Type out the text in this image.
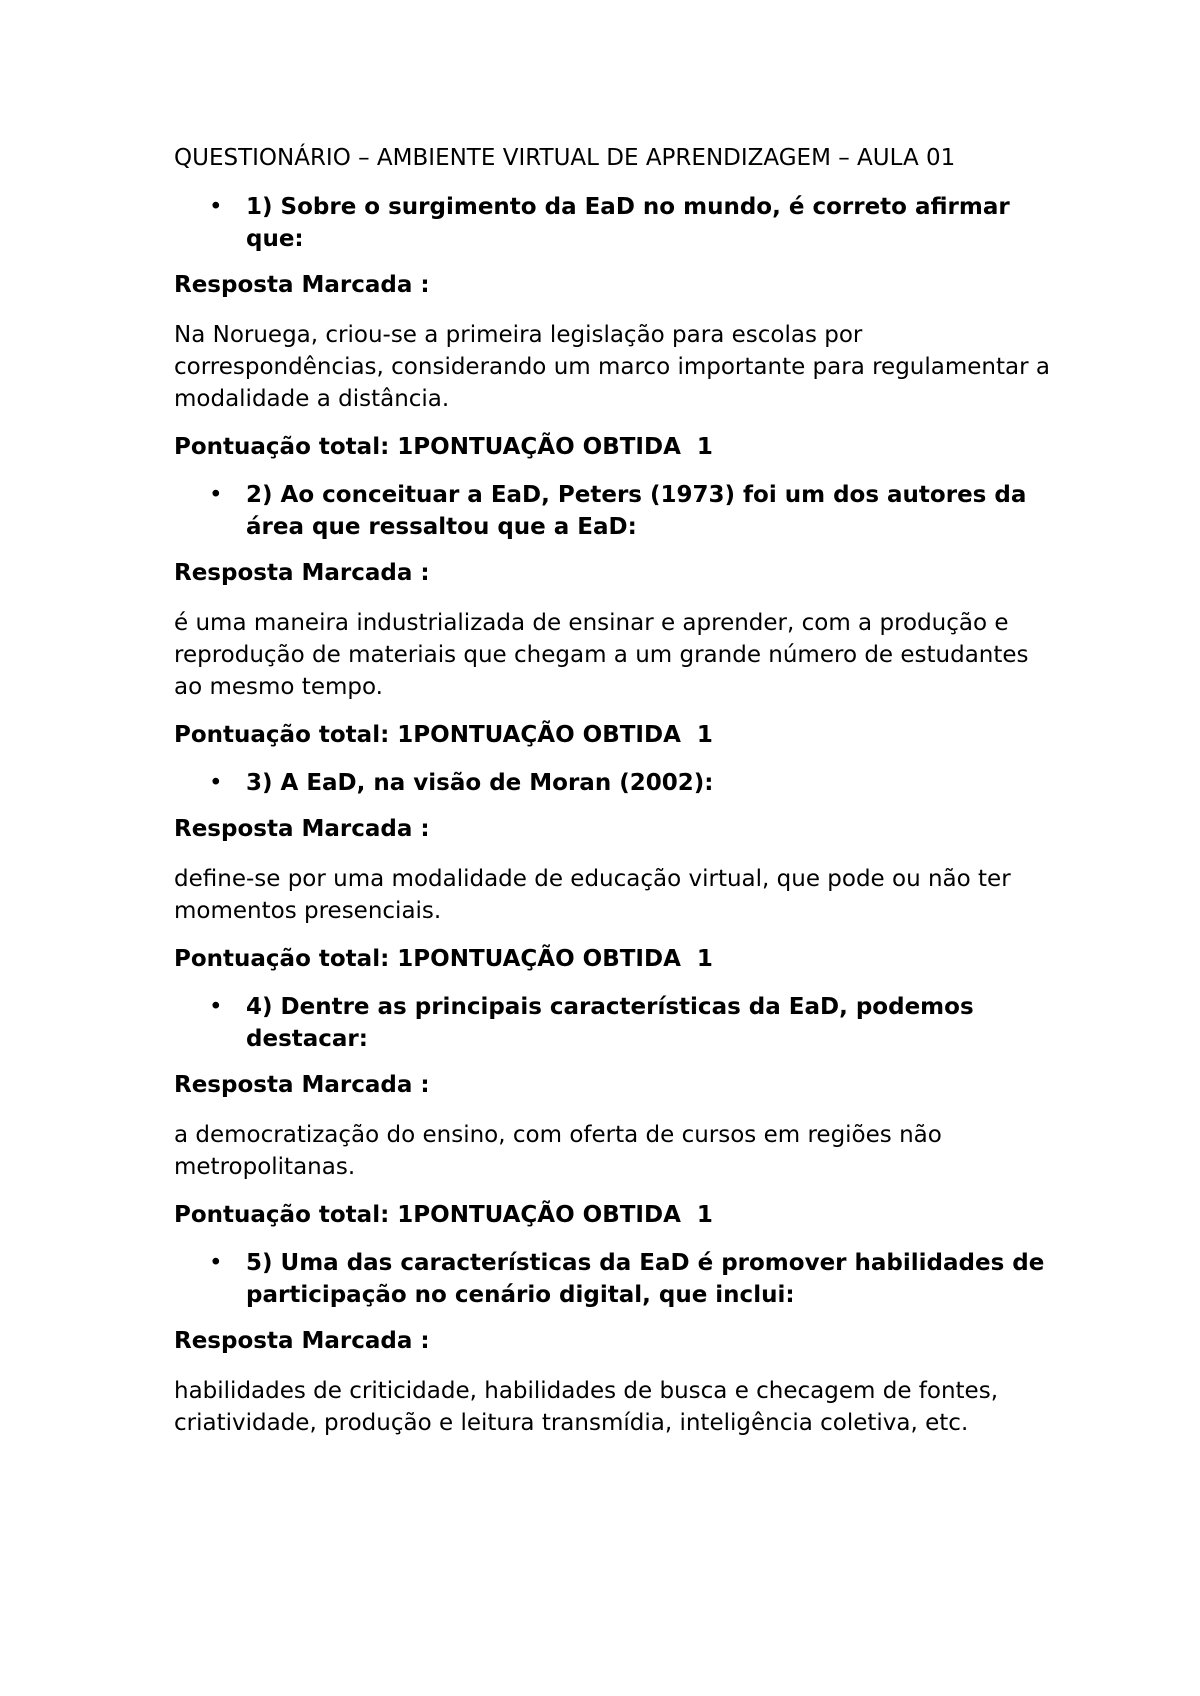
QUESTIONÁRIO – AMBIENTE VIRTUAL DE APRENDIZAGEM – AULA 01

• 1) Sobre o surgimento da EaD no mundo, é correto afirmar que:

Resposta Marcada :

Na Noruega, criou-se a primeira legislação para escolas por correspondências, considerando um marco importante para regulamentar a modalidade a distância.

Pontuação total: 1PONTUAÇÃO OBTIDA  1

• 2) Ao conceituar a EaD, Peters (1973) foi um dos autores da área que ressaltou que a EaD:

Resposta Marcada :

é uma maneira industrializada de ensinar e aprender, com a produção e reprodução de materiais que chegam a um grande número de estudantes ao mesmo tempo.

Pontuação total: 1PONTUAÇÃO OBTIDA  1

• 3) A EaD, na visão de Moran (2002):

Resposta Marcada :

define-se por uma modalidade de educação virtual, que pode ou não ter momentos presenciais.

Pontuação total: 1PONTUAÇÃO OBTIDA  1

• 4) Dentre as principais características da EaD, podemos destacar:

Resposta Marcada :

a democratização do ensino, com oferta de cursos em regiões não metropolitanas.

Pontuação total: 1PONTUAÇÃO OBTIDA  1

• 5) Uma das características da EaD é promover habilidades de participação no cenário digital, que inclui:

Resposta Marcada :

habilidades de criticidade, habilidades de busca e checagem de fontes, criatividade, produção e leitura transmídia, inteligência coletiva, etc.
